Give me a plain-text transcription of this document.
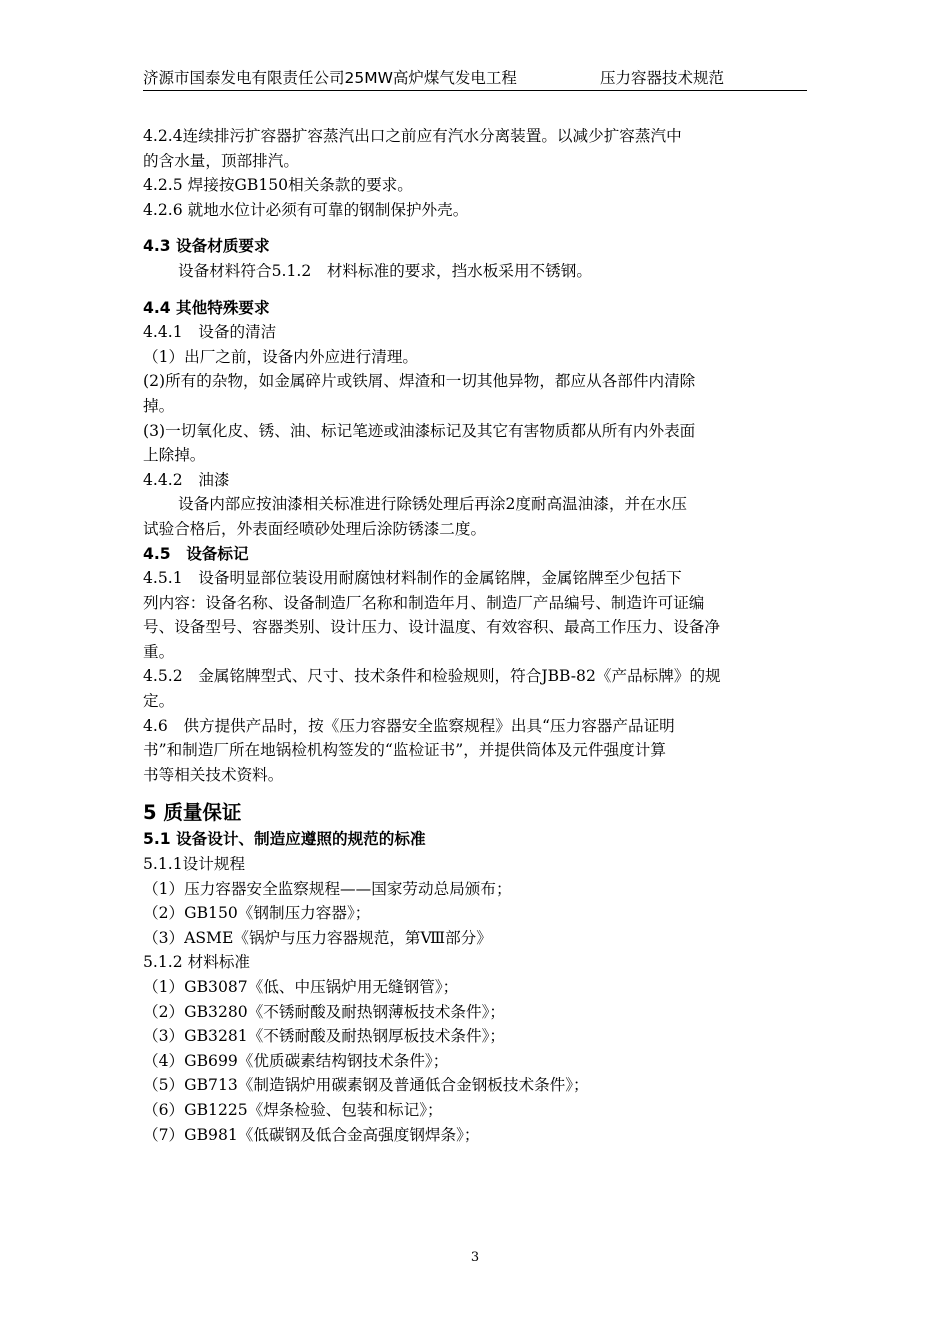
济源市国泰发电有限责任公司25MW高炉煤气发电工程	压力容器技术规范

4.2.4连续排污扩容器扩容蒸汽出口之前应有汽水分离装置。以减少扩容蒸汽中

的含水量，顶部排汽。

4.2.5 焊接按GB150相关条款的要求。

4.2.6 就地水位计必须有可靠的钢制保护外壳。

4.3 设备材质要求

设备材料符合5.1.2　材料标准的要求，挡水板采用不锈钢。

4.4 其他特殊要求

4.4.1　设备的清洁

（1）出厂之前，设备内外应进行清理。

(2)所有的杂物，如金属碎片或铁屑、焊渣和一切其他异物，都应从各部件内清除

掉。

(3)一切氧化皮、锈、油、标记笔迹或油漆标记及其它有害物质都从所有内外表面

上除掉。

4.4.2　油漆

设备内部应按油漆相关标准进行除锈处理后再涂2度耐高温油漆，并在水压

试验合格后，外表面经喷砂处理后涂防锈漆二度。

4.5　设备标记

4.5.1　设备明显部位装设用耐腐蚀材料制作的金属铭牌，金属铭牌至少包括下

列内容：设备名称、设备制造厂名称和制造年月、制造厂产品编号、制造许可证编

号、设备型号、容器类别、设计压力、设计温度、有效容积、最高工作压力、设备净

重。

4.5.2　金属铭牌型式、尺寸、技术条件和检验规则，符合JBB-82《产品标牌》的规

定。

4.6　供方提供产品时，按《压力容器安全监察规程》出具“压力容器产品证明

书”和制造厂所在地锅检机构签发的“监检证书”，并提供筒体及元件强度计算

书等相关技术资料。

5 质量保证

5.1 设备设计、制造应遵照的规范的标准

5.1.1设计规程

（1）压力容器安全监察规程——国家劳动总局颁布；

（2）GB150《钢制压力容器》；

（3）ASME《锅炉与压力容器规范，第Ⅷ部分》

5.1.2 材料标准

（1）GB3087《低、中压锅炉用无缝钢管》；

（2）GB3280《不锈耐酸及耐热钢薄板技术条件》；

（3）GB3281《不锈耐酸及耐热钢厚板技术条件》；

（4）GB699《优质碳素结构钢技术条件》；

（5）GB713《制造锅炉用碳素钢及普通低合金钢板技术条件》；

（6）GB1225《焊条检验、包装和标记》；

（7）GB981《低碳钢及低合金高强度钢焊条》；

3
